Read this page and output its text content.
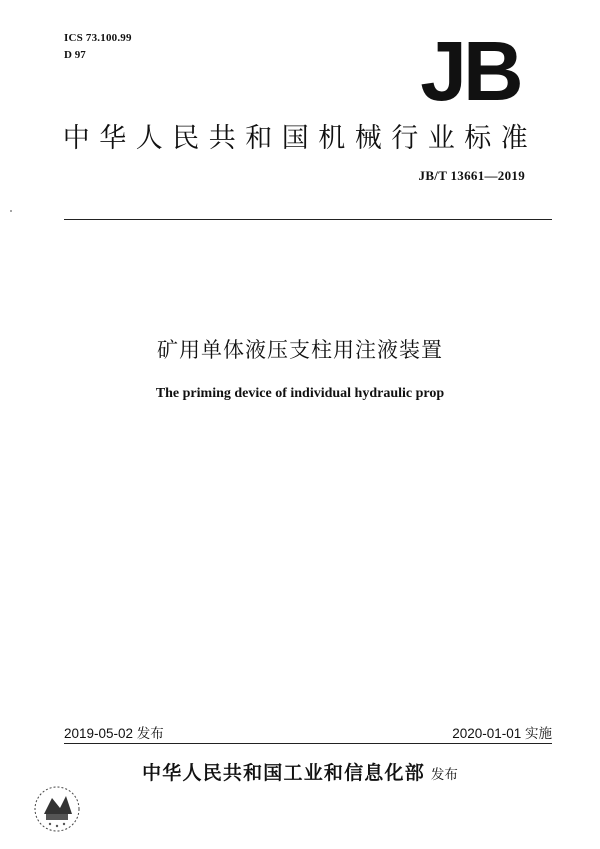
ICS 73.100.99
D 97	JB
中华人民共和国机械行业标准
JB/T 13661—2019
矿用单体液压支柱用注液装置
The priming device of individual hydraulic prop
2019-05-02 发布	2020-01-01 实施
中华人民共和国工业和信息化部 发布
